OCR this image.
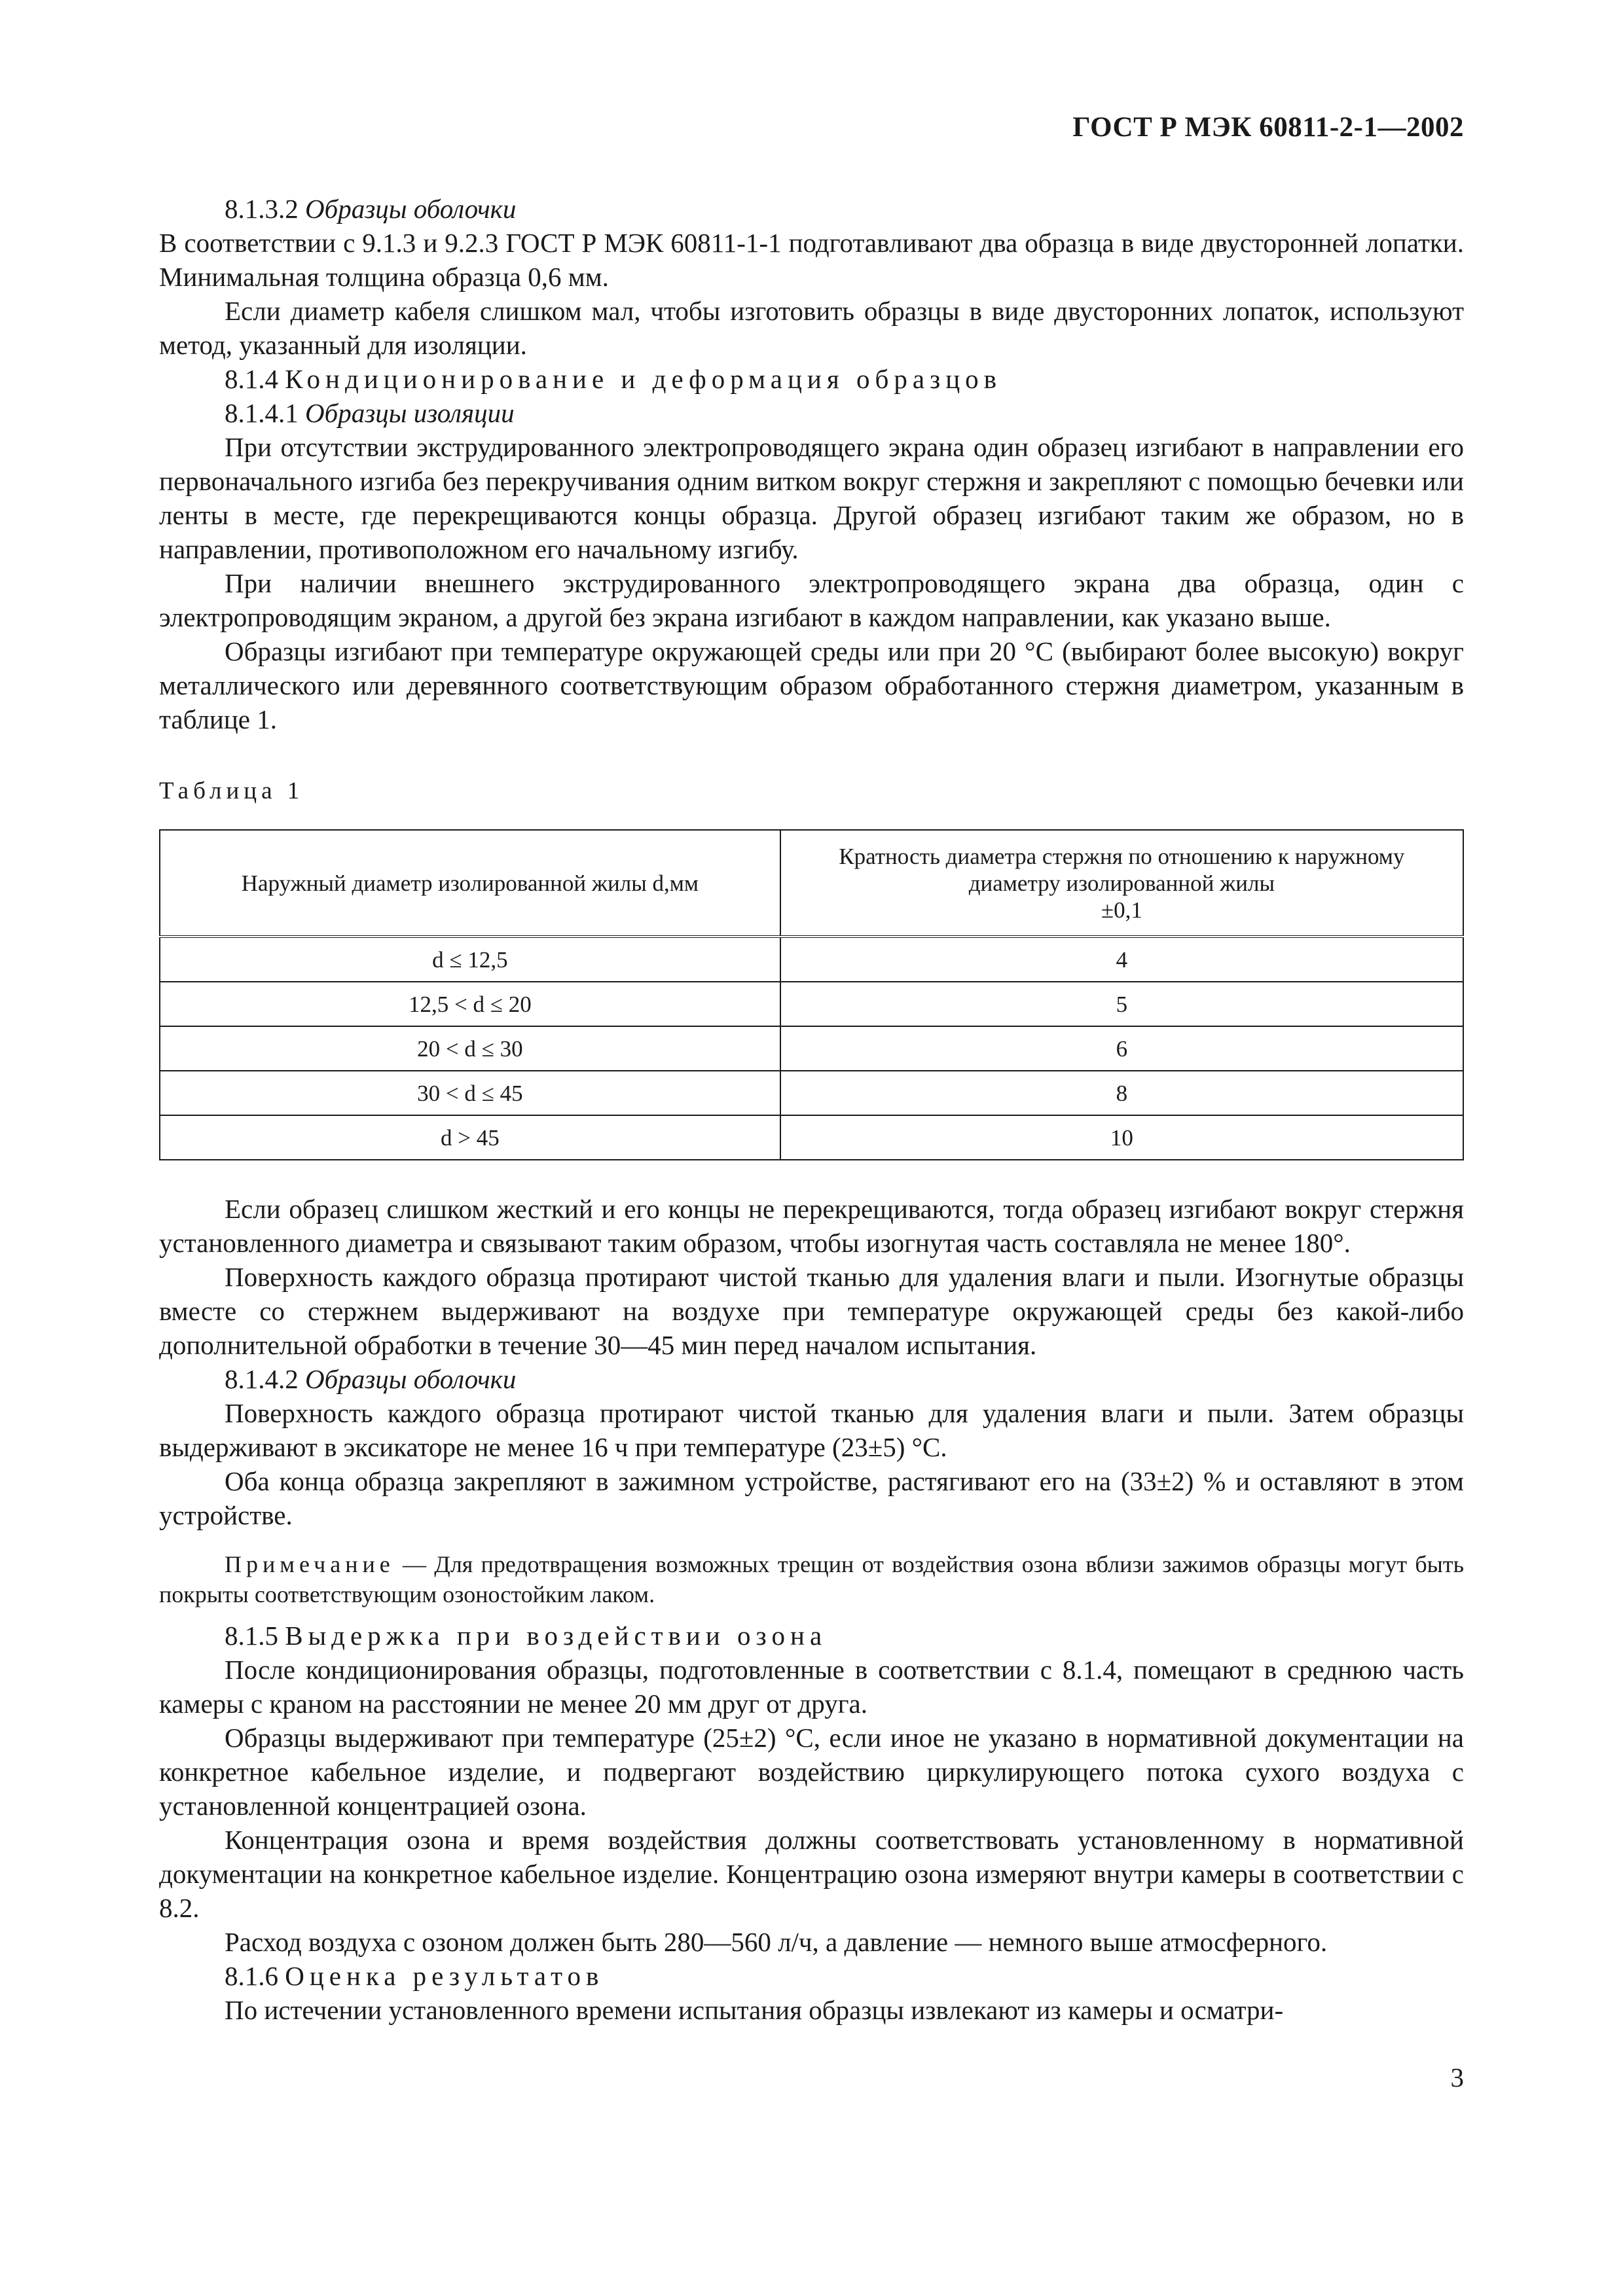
ГОСТ Р МЭК 60811-2-1—2002

8.1.3.2 Образцы оболочки

В соответствии с 9.1.3 и 9.2.3 ГОСТ Р МЭК 60811-1-1 подготавливают два образца в виде двусторонней лопатки. Минимальная толщина образца 0,6 мм.

Если диаметр кабеля слишком мал, чтобы изготовить образцы в виде двусторонних лопаток, используют метод, указанный для изоляции.

8.1.4 Кондиционирование и деформация образцов

8.1.4.1 Образцы изоляции

При отсутствии экструдированного электропроводящего экрана один образец изгибают в направлении его первоначального изгиба без перекручивания одним витком вокруг стержня и закрепляют с помощью бечевки или ленты в месте, где перекрещиваются концы образца. Другой образец изгибают таким же образом, но в направлении, противоположном его начальному изгибу.

При наличии внешнего экструдированного электропроводящего экрана два образца, один с электропроводящим экраном, а другой без экрана изгибают в каждом направлении, как указано выше.

Образцы изгибают при температуре окружающей среды или при 20 °С (выбирают более высокую) вокруг металлического или деревянного соответствующим образом обработанного стержня диаметром, указанным в таблице 1.

Таблица 1
Наружный диаметр изолированной жилы d,мм	Кратность диаметра стержня по отношению к наружному диаметру изолированной жилы
±0,1
d ≤ 12,5	4
12,5 < d ≤ 20	5
20 < d ≤ 30	6
30 < d ≤ 45	8
d > 45	10

Если образец слишком жесткий и его концы не перекрещиваются, тогда образец изгибают вокруг стержня установленного диаметра и связывают таким образом, чтобы изогнутая часть составляла не менее 180°.

Поверхность каждого образца протирают чистой тканью для удаления влаги и пыли. Изогнутые образцы вместе со стержнем выдерживают на воздухе при температуре окружающей среды без какой-либо дополнительной обработки в течение 30—45 мин перед началом испытания.

8.1.4.2 Образцы оболочки

Поверхность каждого образца протирают чистой тканью для удаления влаги и пыли. Затем образцы выдерживают в эксикаторе не менее 16 ч при температуре (23±5) °С.

Оба конца образца закрепляют в зажимном устройстве, растягивают его на (33±2) % и оставляют в этом устройстве.

Примечание — Для предотвращения возможных трещин от воздействия озона вблизи зажимов образцы могут быть покрыты соответствующим озоностойким лаком.

8.1.5 Выдержка при воздействии озона

После кондиционирования образцы, подготовленные в соответствии с 8.1.4, помещают в среднюю часть камеры с краном на расстоянии не менее 20 мм друг от друга.

Образцы выдерживают при температуре (25±2) °С, если иное не указано в нормативной документации на конкретное кабельное изделие, и подвергают воздействию циркулирующего потока сухого воздуха с установленной концентрацией озона.

Концентрация озона и время воздействия должны соответствовать установленному в нормативной документации на конкретное кабельное изделие. Концентрацию озона измеряют внутри камеры в соответствии с 8.2.

Расход воздуха с озоном должен быть 280—560 л/ч, а давление — немного выше атмосферного.

8.1.6 Оценка результатов

По истечении установленного времени испытания образцы извлекают из камеры и осматри-

3
